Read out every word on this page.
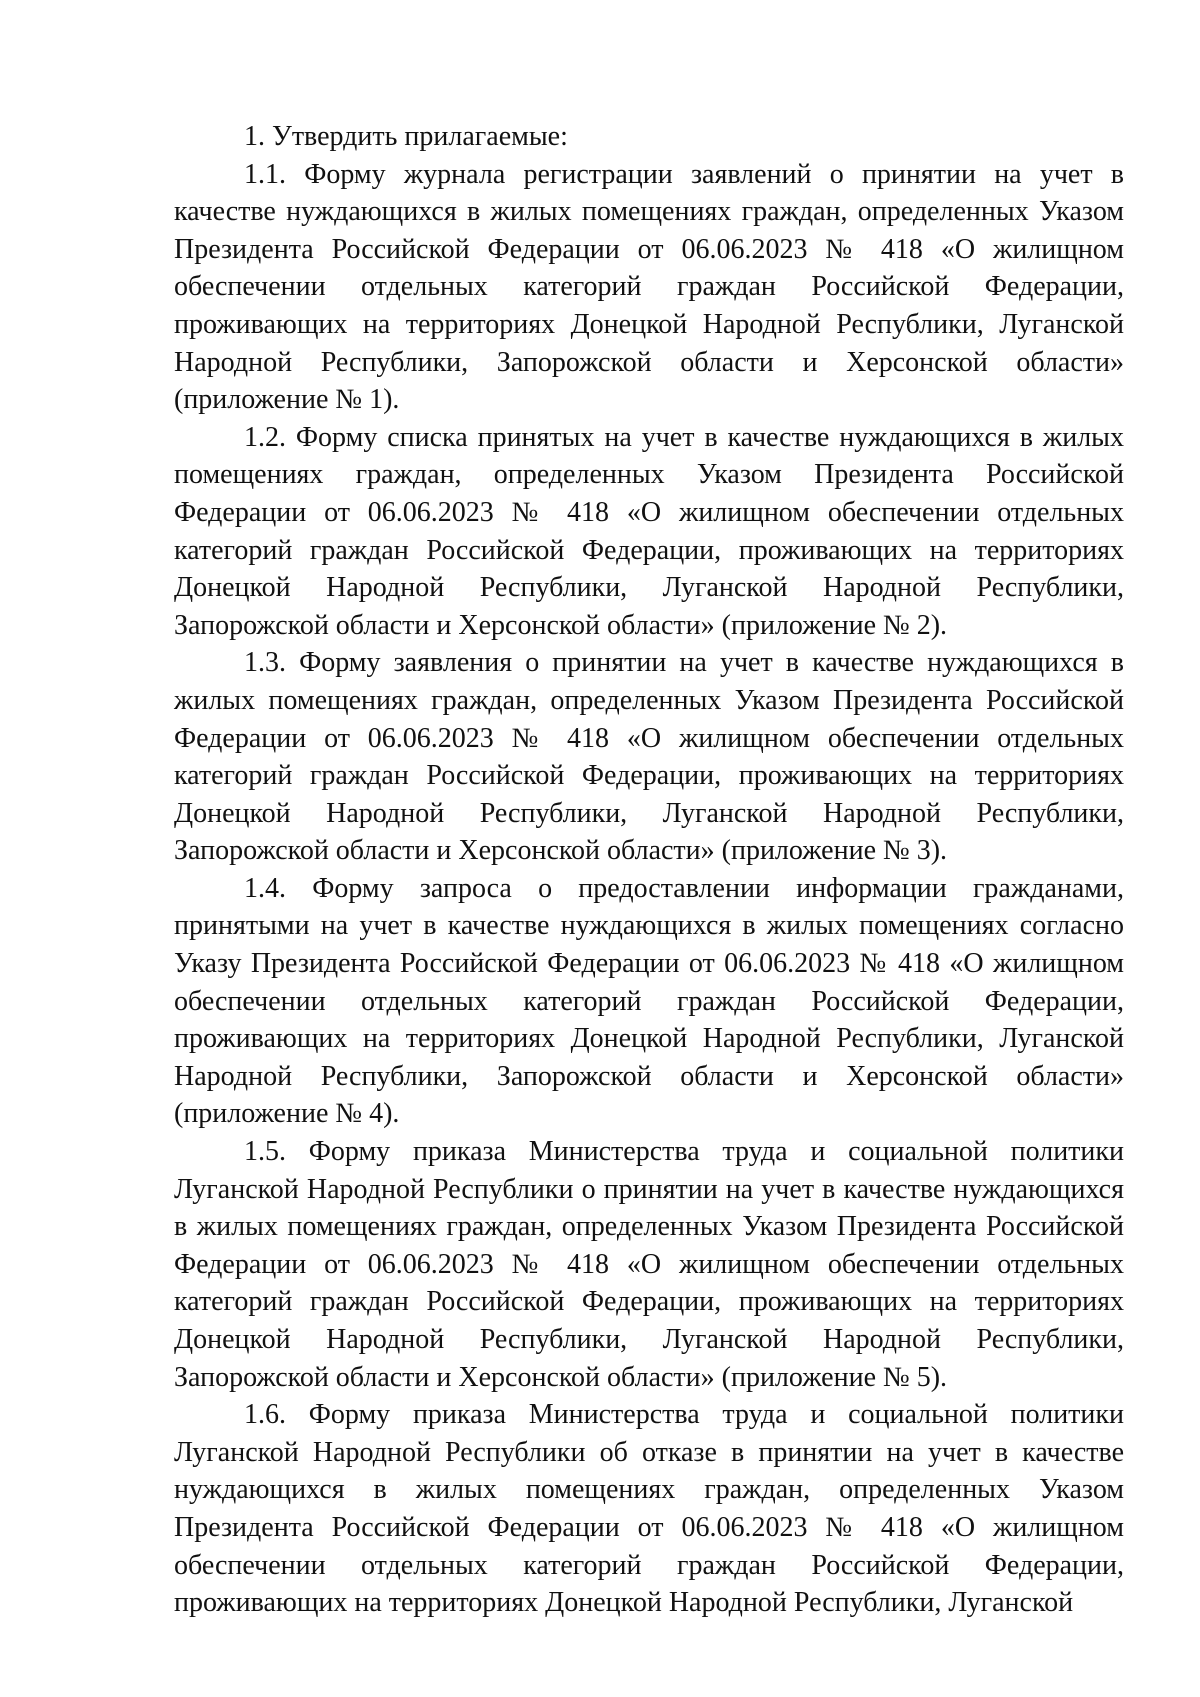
1. Утвердить прилагаемые:

1.1. Форму журнала регистрации заявлений о принятии на учет в качестве нуждающихся в жилых помещениях граждан, определенных Указом Президента Российской Федерации от 06.06.2023 № 418 «О жилищном обеспечении отдельных категорий граждан Российской Федерации, проживающих на территориях Донецкой Народной Республики, Луганской Народной Республики, Запорожской области и Херсонской области» (приложение № 1).

1.2. Форму списка принятых на учет в качестве нуждающихся в жилых помещениях граждан, определенных Указом Президента Российской Федерации от 06.06.2023 № 418 «О жилищном обеспечении отдельных категорий граждан Российской Федерации, проживающих на территориях Донецкой Народной Республики, Луганской Народной Республики, Запорожской области и Херсонской области» (приложение № 2).

1.3. Форму заявления о принятии на учет в качестве нуждающихся в жилых помещениях граждан, определенных Указом Президента Российской Федерации от 06.06.2023 № 418 «О жилищном обеспечении отдельных категорий граждан Российской Федерации, проживающих на территориях Донецкой Народной Республики, Луганской Народной Республики, Запорожской области и Херсонской области» (приложение № 3).

1.4. Форму запроса о предоставлении информации гражданами, принятыми на учет в качестве нуждающихся в жилых помещениях согласно Указу Президента Российской Федерации от 06.06.2023 № 418 «О жилищном обеспечении отдельных категорий граждан Российской Федерации, проживающих на территориях Донецкой Народной Республики, Луганской Народной Республики, Запорожской области и Херсонской области» (приложение № 4).

1.5. Форму приказа Министерства труда и социальной политики Луганской Народной Республики о принятии на учет в качестве нуждающихся в жилых помещениях граждан, определенных Указом Президента Российской Федерации от 06.06.2023 № 418 «О жилищном обеспечении отдельных категорий граждан Российской Федерации, проживающих на территориях Донецкой Народной Республики, Луганской Народной Республики, Запорожской области и Херсонской области» (приложение № 5).

1.6. Форму приказа Министерства труда и социальной политики Луганской Народной Республики об отказе в принятии на учет в качестве нуждающихся в жилых помещениях граждан, определенных Указом Президента Российской Федерации от 06.06.2023 № 418 «О жилищном обеспечении отдельных категорий граждан Российской Федерации, проживающих на территориях Донецкой Народной Республики, Луганской
